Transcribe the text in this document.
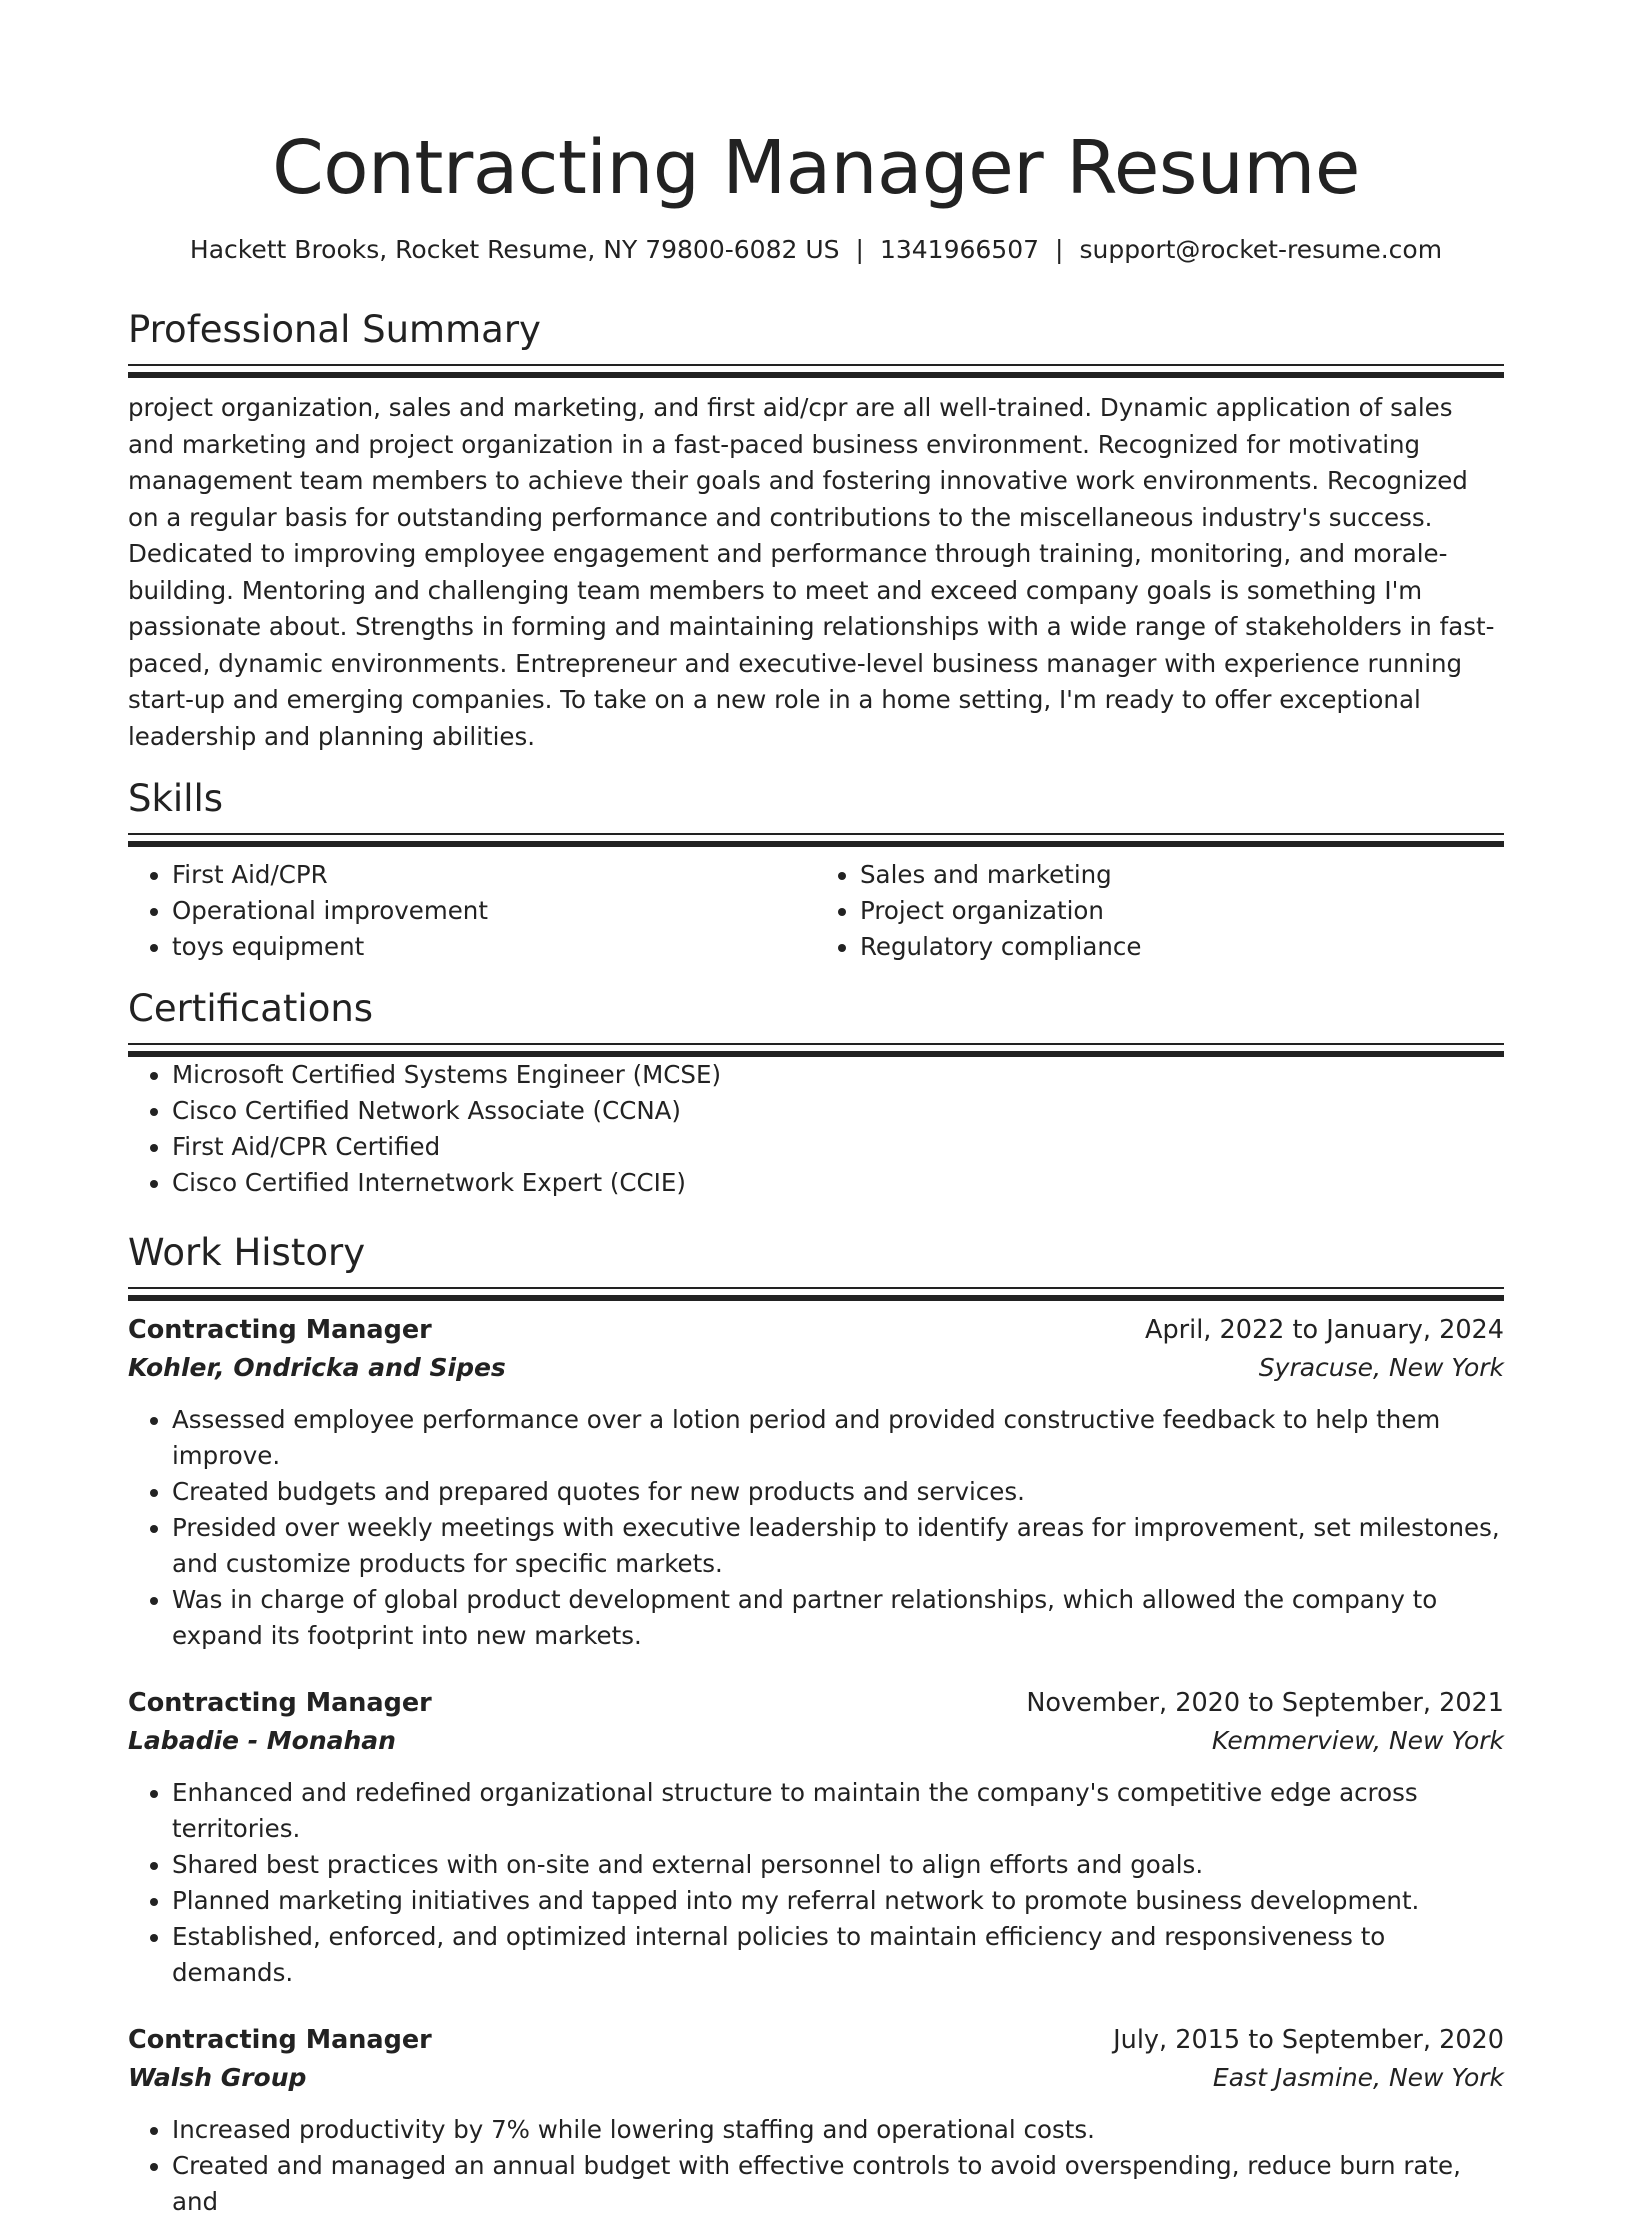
Contracting Manager Resume
Hackett Brooks, Rocket Resume, NY 79800-6082 US | 1341966507 | support@rocket-resume.com
Professional Summary

project organization, sales and marketing, and first aid/cpr are all well-trained. Dynamic application of sales and marketing and project organization in a fast-paced business environment. Recognized for motivating management team members to achieve their goals and fostering innovative work environments. Recognized on a regular basis for outstanding performance and contributions to the miscellaneous industry's success. Dedicated to improving employee engagement and performance through training, monitoring, and morale-building. Mentoring and challenging team members to meet and exceed company goals is something I'm passionate about. Strengths in forming and maintaining relationships with a wide range of stakeholders in fast-paced, dynamic environments. Entrepreneur and executive-level business manager with experience running start-up and emerging companies. To take on a new role in a home setting, I'm ready to offer exceptional leadership and planning abilities.

Skills
• First Aid/CPR
• Operational improvement
• toys equipment
• Sales and marketing
• Project organization
• Regulatory compliance
Certifications
• Microsoft Certified Systems Engineer (MCSE)
• Cisco Certified Network Associate (CCNA)
• First Aid/CPR Certified
• Cisco Certified Internetwork Expert (CCIE)
Work History
Contracting Manager	April, 2022 to January, 2024
Kohler, Ondricka and Sipes	Syracuse, New York
• Assessed employee performance over a lotion period and provided constructive feedback to help them improve.
• Created budgets and prepared quotes for new products and services.
• Presided over weekly meetings with executive leadership to identify areas for improvement, set milestones, and customize products for specific markets.
• Was in charge of global product development and partner relationships, which allowed the company to expand its footprint into new markets.
Contracting Manager	November, 2020 to September, 2021
Labadie - Monahan	Kemmerview, New York
• Enhanced and redefined organizational structure to maintain the company's competitive edge across territories.
• Shared best practices with on-site and external personnel to align efforts and goals.
• Planned marketing initiatives and tapped into my referral network to promote business development.
• Established, enforced, and optimized internal policies to maintain efficiency and responsiveness to demands.
Contracting Manager	July, 2015 to September, 2020
Walsh Group	East Jasmine, New York
• Increased productivity by 7% while lowering staffing and operational costs.
• Created and managed an annual budget with effective controls to avoid overspending, reduce burn rate, and
